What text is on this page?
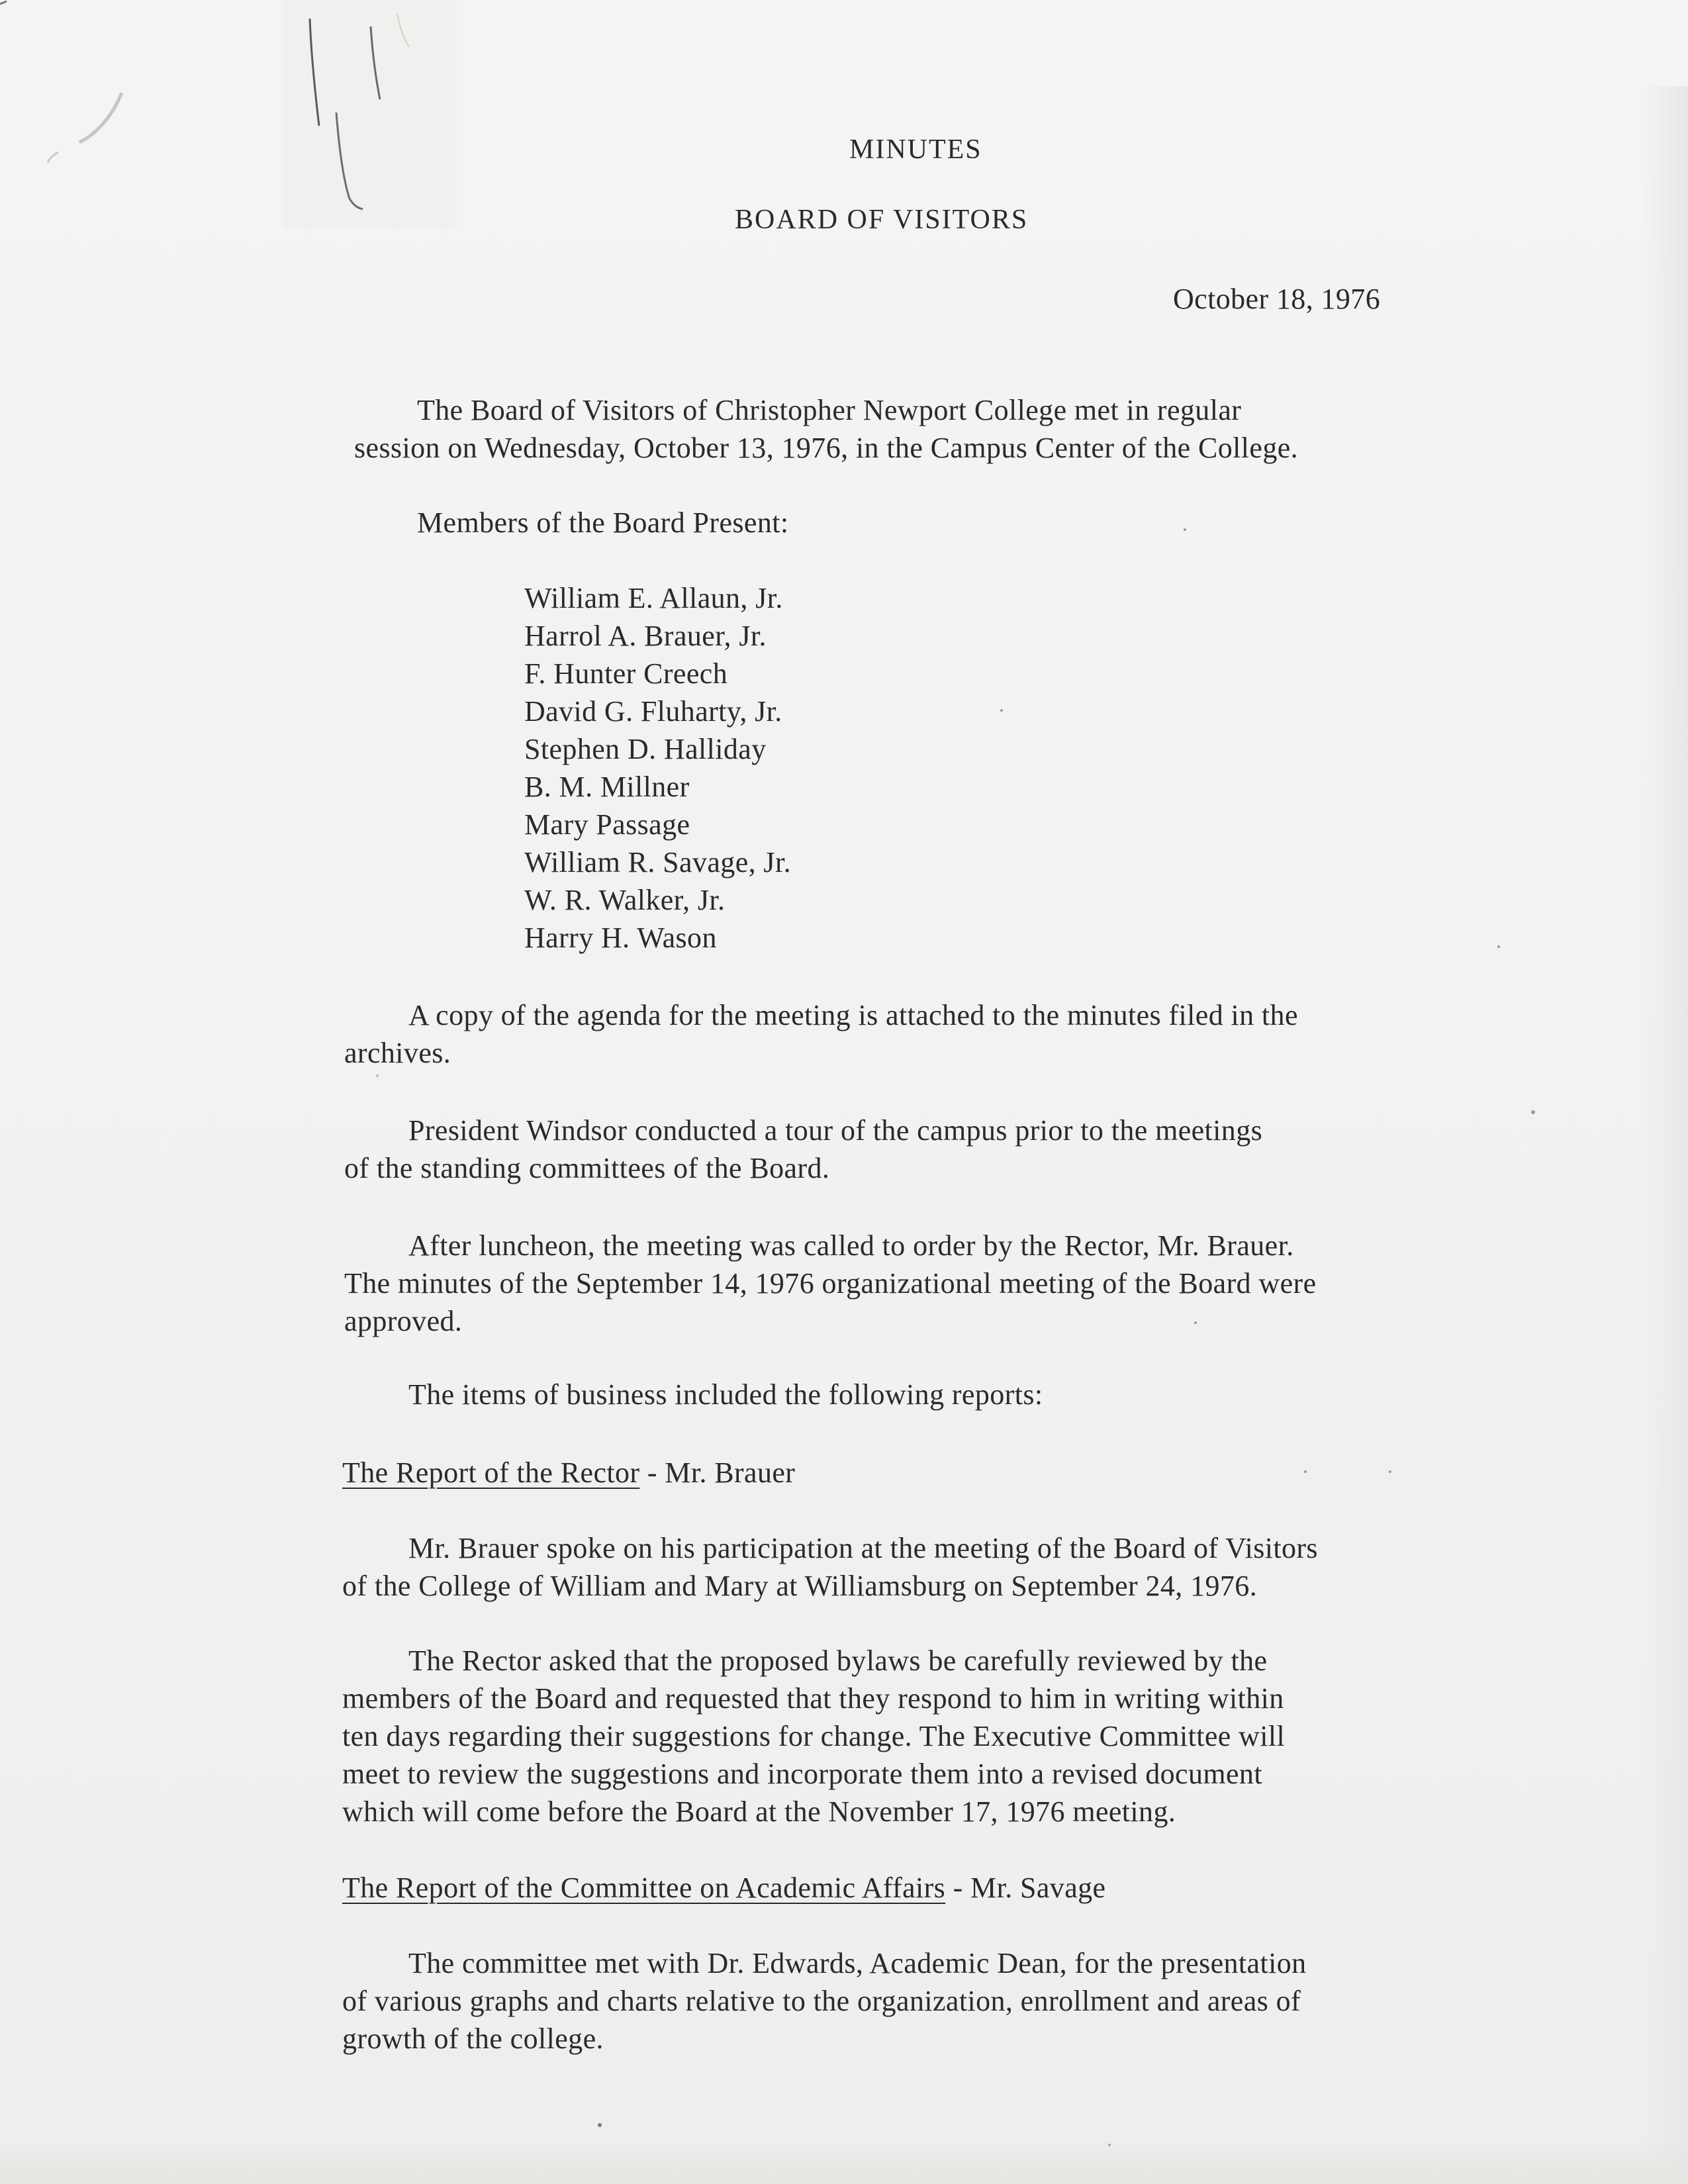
MINUTES
BOARD OF VISITORS
October 18, 1976
The Board of Visitors of Christopher Newport College met in regular
session on Wednesday, October 13, 1976, in the Campus Center of the College.
Members of the Board Present:
William E. Allaun, Jr.
Harrol A. Brauer, Jr.
F. Hunter Creech
David G. Fluharty, Jr.
Stephen D. Halliday
B. M. Millner
Mary Passage
William R. Savage, Jr.
W. R. Walker, Jr.
Harry H. Wason
A copy of the agenda for the meeting is attached to the minutes filed in the
archives.
President Windsor conducted a tour of the campus prior to the meetings
of the standing committees of the Board.
After luncheon, the meeting was called to order by the Rector, Mr. Brauer.
The minutes of the September 14, 1976 organizational meeting of the Board were
approved.
The items of business included the following reports:
The Report of the Rector - Mr. Brauer
Mr. Brauer spoke on his participation at the meeting of the Board of Visitors
of the College of William and Mary at Williamsburg on September 24, 1976.
The Rector asked that the proposed bylaws be carefully reviewed by the
members of the Board and requested that they respond to him in writing within
ten days regarding their suggestions for change. The Executive Committee will
meet to review the suggestions and incorporate them into a revised document
which will come before the Board at the November 17, 1976 meeting.
The Report of the Committee on Academic Affairs - Mr. Savage
The committee met with Dr. Edwards, Academic Dean, for the presentation
of various graphs and charts relative to the organization, enrollment and areas of
growth of the college.
